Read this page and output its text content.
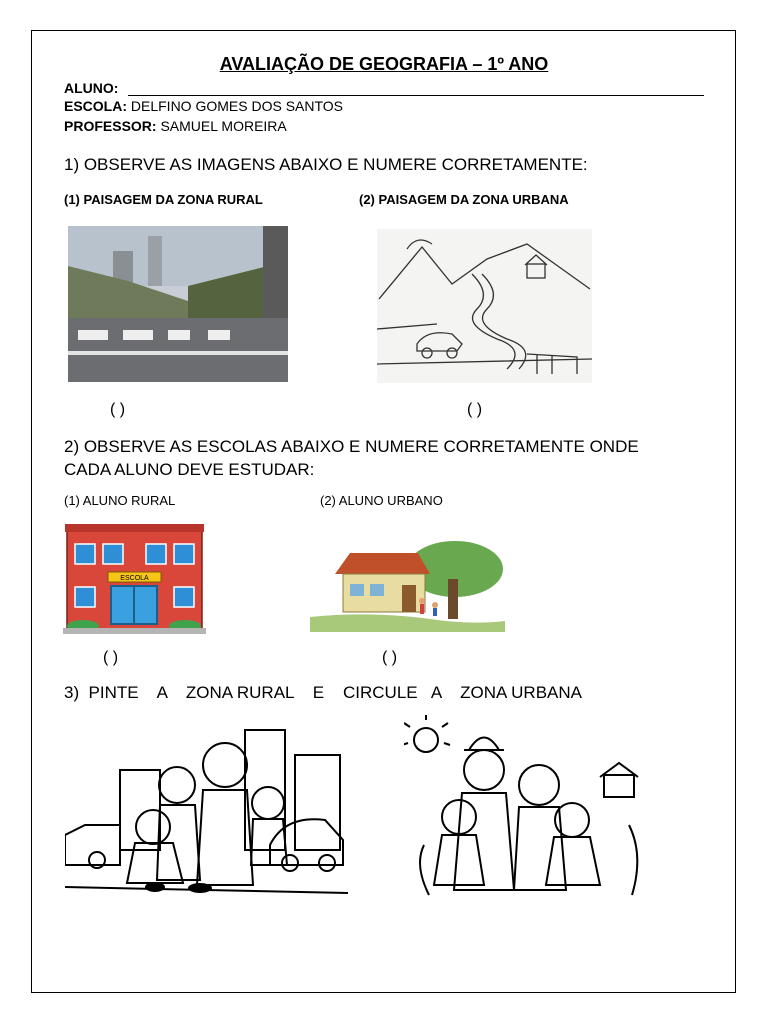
AVALIAÇÃO DE GEOGRAFIA – 1º ANO
ALUNO:
ESCOLA: DELFINO GOMES DOS SANTOS
PROFESSOR: SAMUEL MOREIRA
1) OBSERVE AS IMAGENS ABAIXO E NUMERE CORRETAMENTE:
(1) PAISAGEM DA ZONA RURAL	(2) PAISAGEM DA ZONA URBANA
( )	( )
2) OBSERVE AS ESCOLAS ABAIXO E NUMERE CORRETAMENTE ONDE
CADA ALUNO DEVE ESTUDAR:
(1) ALUNO RURAL	(2) ALUNO URBANO
ESCOLA
( )	( )
3)  PINTE    A    ZONA RURAL    E    CIRCULE   A    ZONA URBANA
